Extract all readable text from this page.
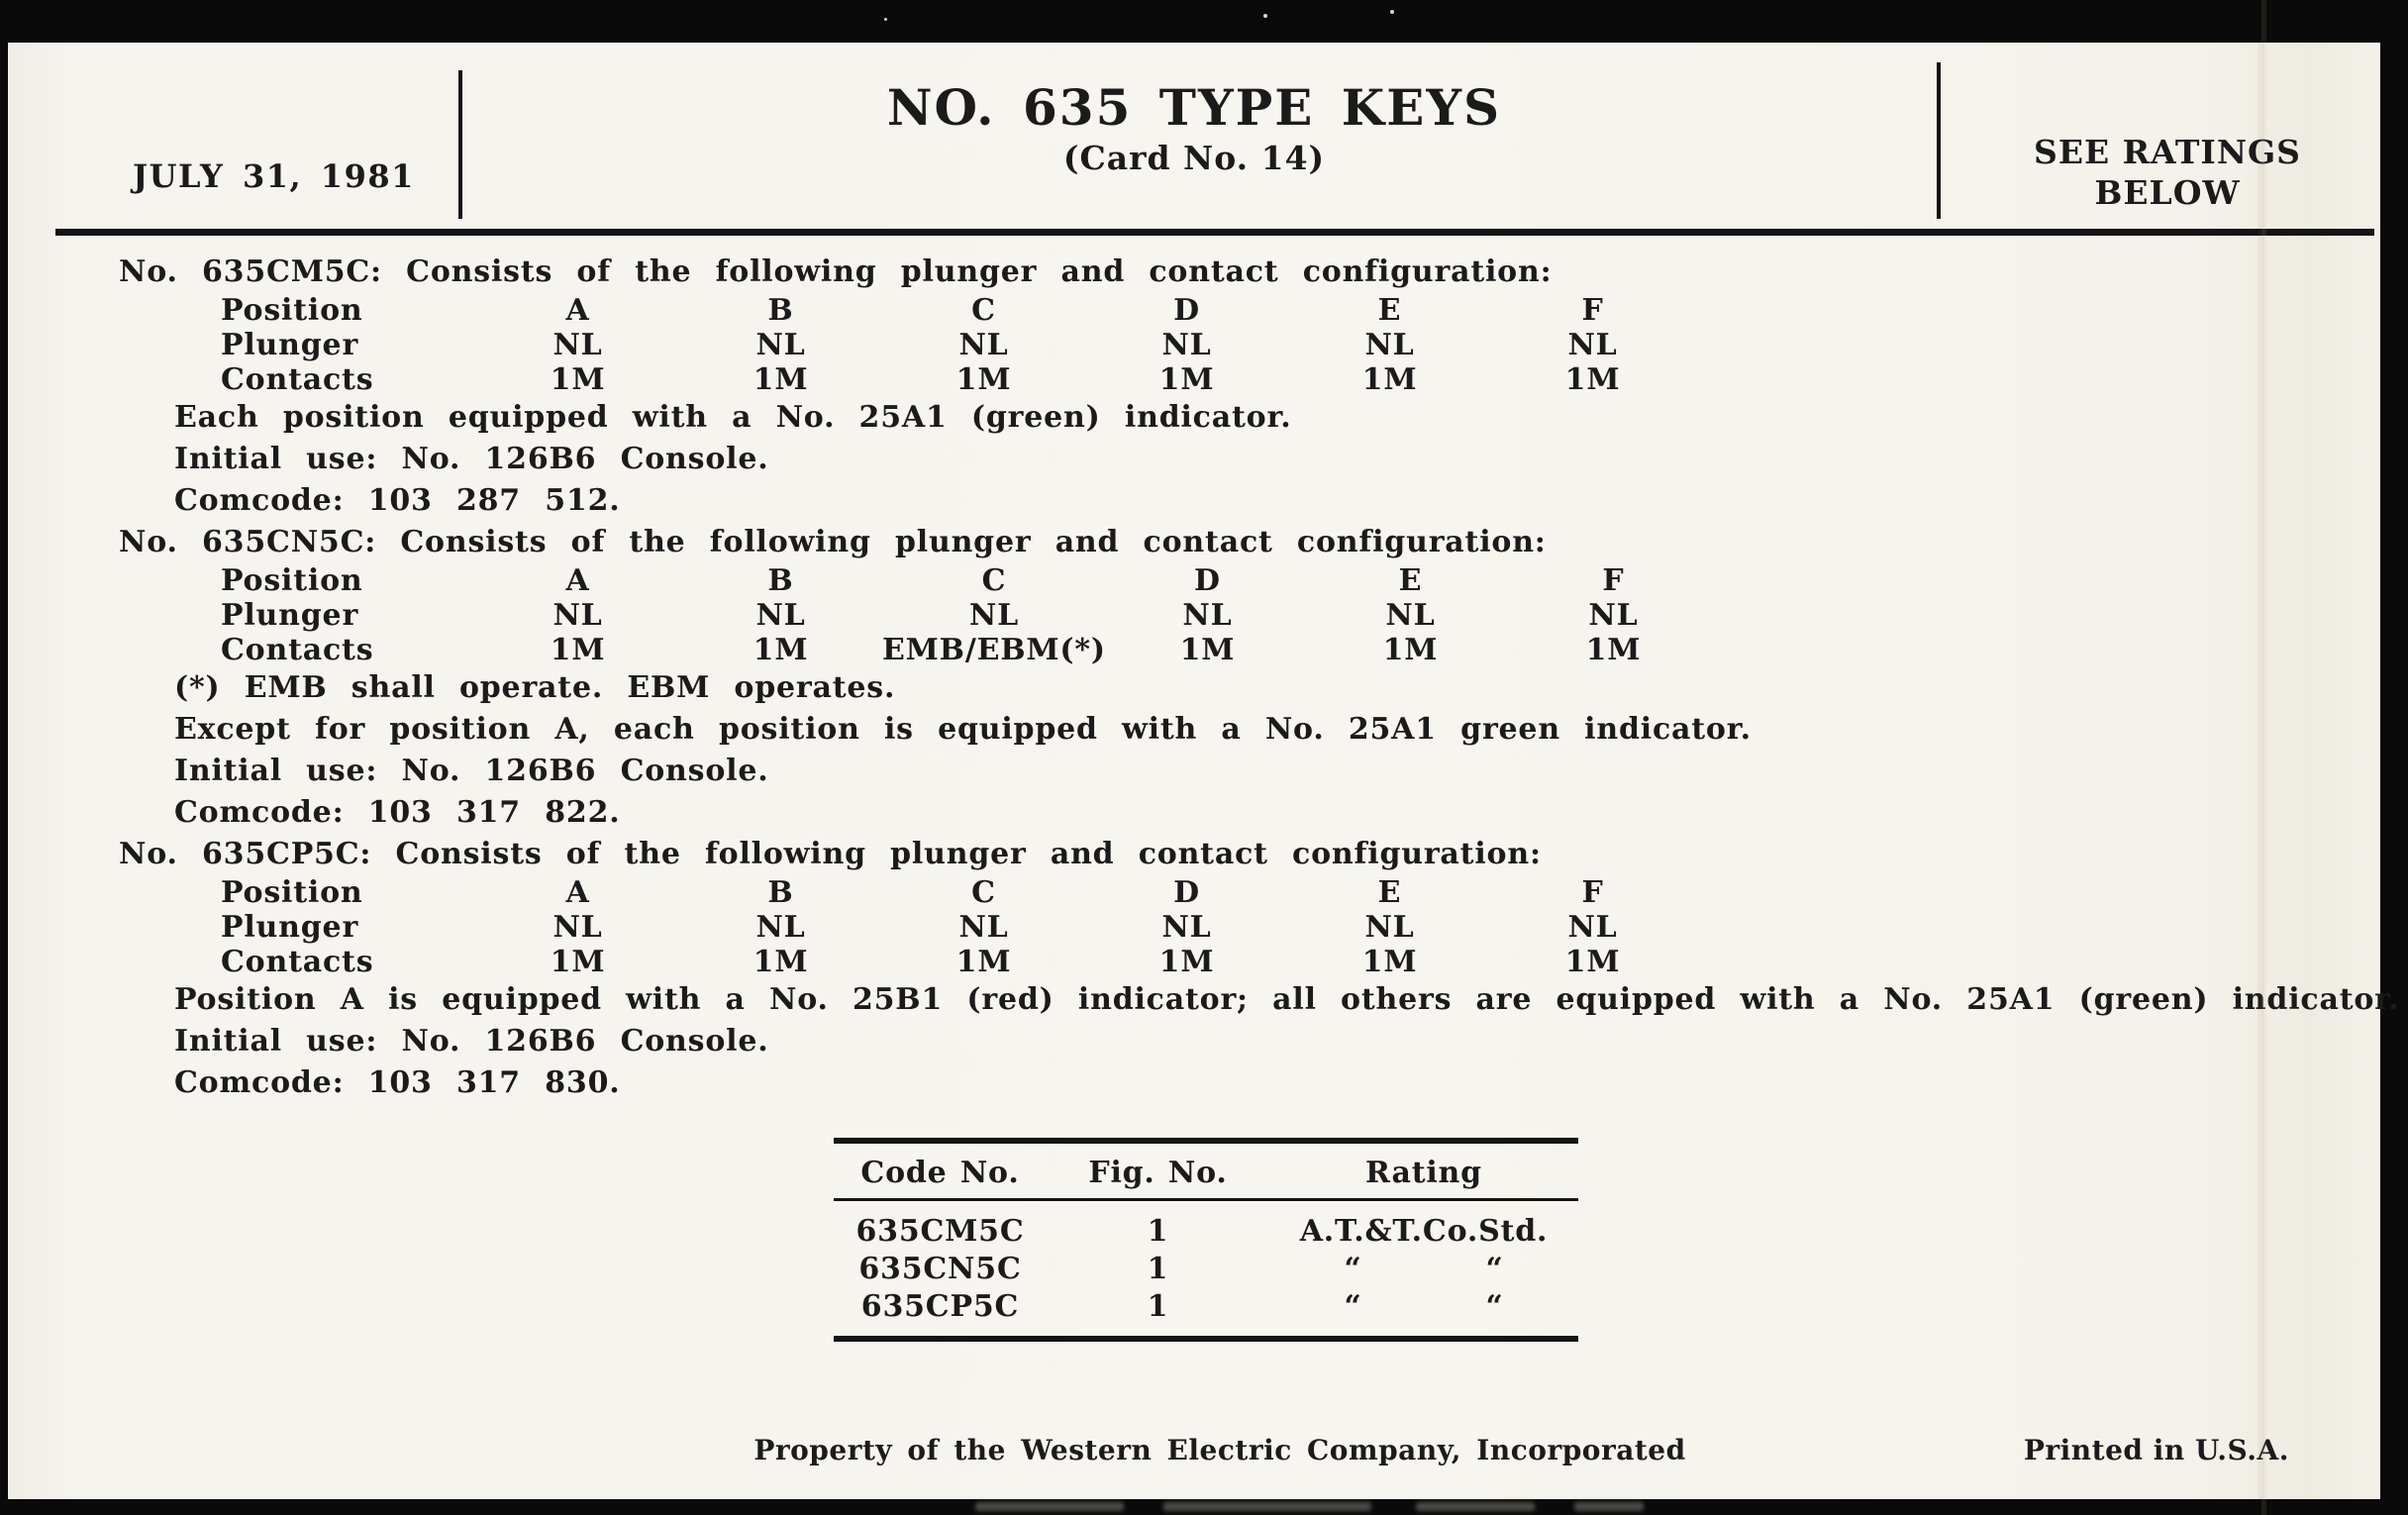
JULY 31, 1981
NO. 635 TYPE KEYS
(Card No. 14)	SEE RATINGS
BELOW

No. 635CM5C: Consists of the following plunger and contact configuration:

Position	A	B	C	D	E	F
Plunger	NL	NL	NL	NL	NL	NL
Contacts	1M	1M	1M	1M	1M	1M

Each position equipped with a No. 25A1 (green) indicator.

Initial use: No. 126B6 Console.

Comcode: 103 287 512.

No. 635CN5C: Consists of the following plunger and contact configuration:

Position	A	B	C	D	E	F
Plunger	NL	NL	NL	NL	NL	NL
Contacts	1M	1M	EMB/EBM(*)	1M	1M	1M

(*) EMB shall operate. EBM operates.

Except for position A, each position is equipped with a No. 25A1 green indicator.

Initial use: No. 126B6 Console.

Comcode: 103 317 822.

No. 635CP5C: Consists of the following plunger and contact configuration:

Position	A	B	C	D	E	F
Plunger	NL	NL	NL	NL	NL	NL
Contacts	1M	1M	1M	1M	1M	1M

Position A is equipped with a No. 25B1 (red) indicator; all others are equipped with a No. 25A1 (green) indicator.

Initial use: No. 126B6 Console.

Comcode: 103 317 830.

Code No.	Fig. No.	Rating
635CM5C	1	A.T.&T.Co.Std.
635CN5C	1	“ “
635CP5C	1	“ “
Property of the Western Electric Company, Incorporated	Printed in U.S.A.
